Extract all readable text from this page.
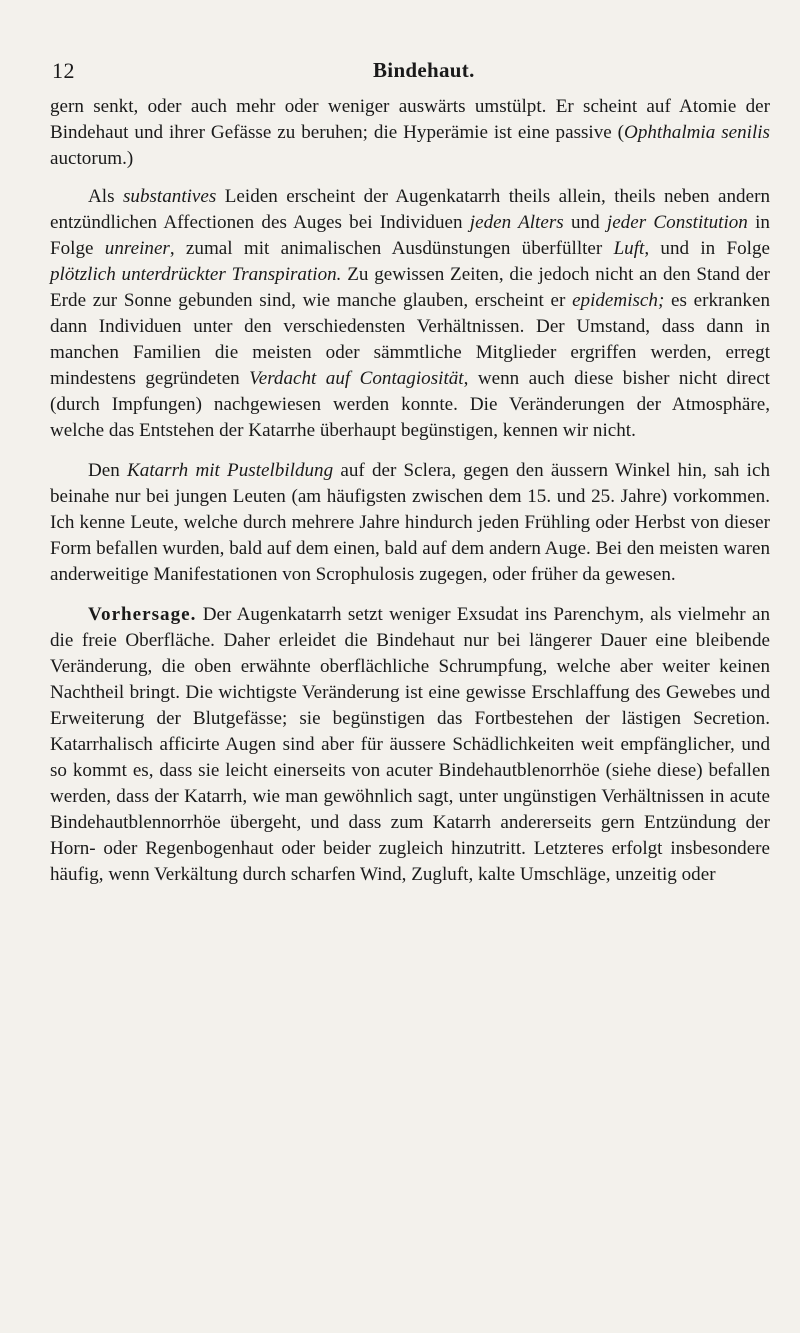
12	Bindehaut.

gern senkt, oder auch mehr oder weniger auswärts umstülpt. Er scheint auf Atomie der Bindehaut und ihrer Gefässe zu beruhen; die Hyperämie ist eine passive (Ophthalmia senilis auctorum.)

Als substantives Leiden erscheint der Augenkatarrh theils allein, theils neben andern entzündlichen Affectionen des Auges bei Individuen jeden Alters und jeder Constitution in Folge unreiner, zumal mit animalischen Ausdünstungen überfüllter Luft, und in Folge plötzlich unterdrückter Transpiration. Zu gewissen Zeiten, die jedoch nicht an den Stand der Erde zur Sonne gebunden sind, wie manche glauben, erscheint er epidemisch; es erkranken dann Individuen unter den verschiedensten Verhältnissen. Der Umstand, dass dann in manchen Familien die meisten oder sämmtliche Mitglieder ergriffen werden, erregt mindestens gegründeten Verdacht auf Contagiosität, wenn auch diese bisher nicht direct (durch Impfungen) nachgewiesen werden konnte. Die Veränderungen der Atmosphäre, welche das Entstehen der Katarrhe überhaupt begünstigen, kennen wir nicht.

Den Katarrh mit Pustelbildung auf der Sclera, gegen den äussern Winkel hin, sah ich beinahe nur bei jungen Leuten (am häufigsten zwischen dem 15. und 25. Jahre) vorkommen. Ich kenne Leute, welche durch mehrere Jahre hindurch jeden Frühling oder Herbst von dieser Form befallen wurden, bald auf dem einen, bald auf dem andern Auge. Bei den meisten waren anderweitige Manifestationen von Scrophulosis zugegen, oder früher da gewesen.

Vorhersage. Der Augenkatarrh setzt weniger Exsudat ins Parenchym, als vielmehr an die freie Oberfläche. Daher erleidet die Bindehaut nur bei längerer Dauer eine bleibende Veränderung, die oben erwähnte oberflächliche Schrumpfung, welche aber weiter keinen Nachtheil bringt. Die wichtigste Veränderung ist eine gewisse Erschlaffung des Gewebes und Erweiterung der Blutgefässe; sie begünstigen das Fortbestehen der lästigen Secretion. Katarrhalisch afficirte Augen sind aber für äussere Schädlichkeiten weit empfänglicher, und so kommt es, dass sie leicht einerseits von acuter Bindehautblenorrhöe (siehe diese) befallen werden, dass der Katarrh, wie man gewöhnlich sagt, unter ungünstigen Verhältnissen in acute Bindehautblennorrhöe übergeht, und dass zum Katarrh andererseits gern Entzündung der Horn- oder Regenbogenhaut oder beider zugleich hinzutritt. Letzteres erfolgt insbesondere häufig, wenn Verkältung durch scharfen Wind, Zugluft, kalte Umschläge, unzeitig oder
